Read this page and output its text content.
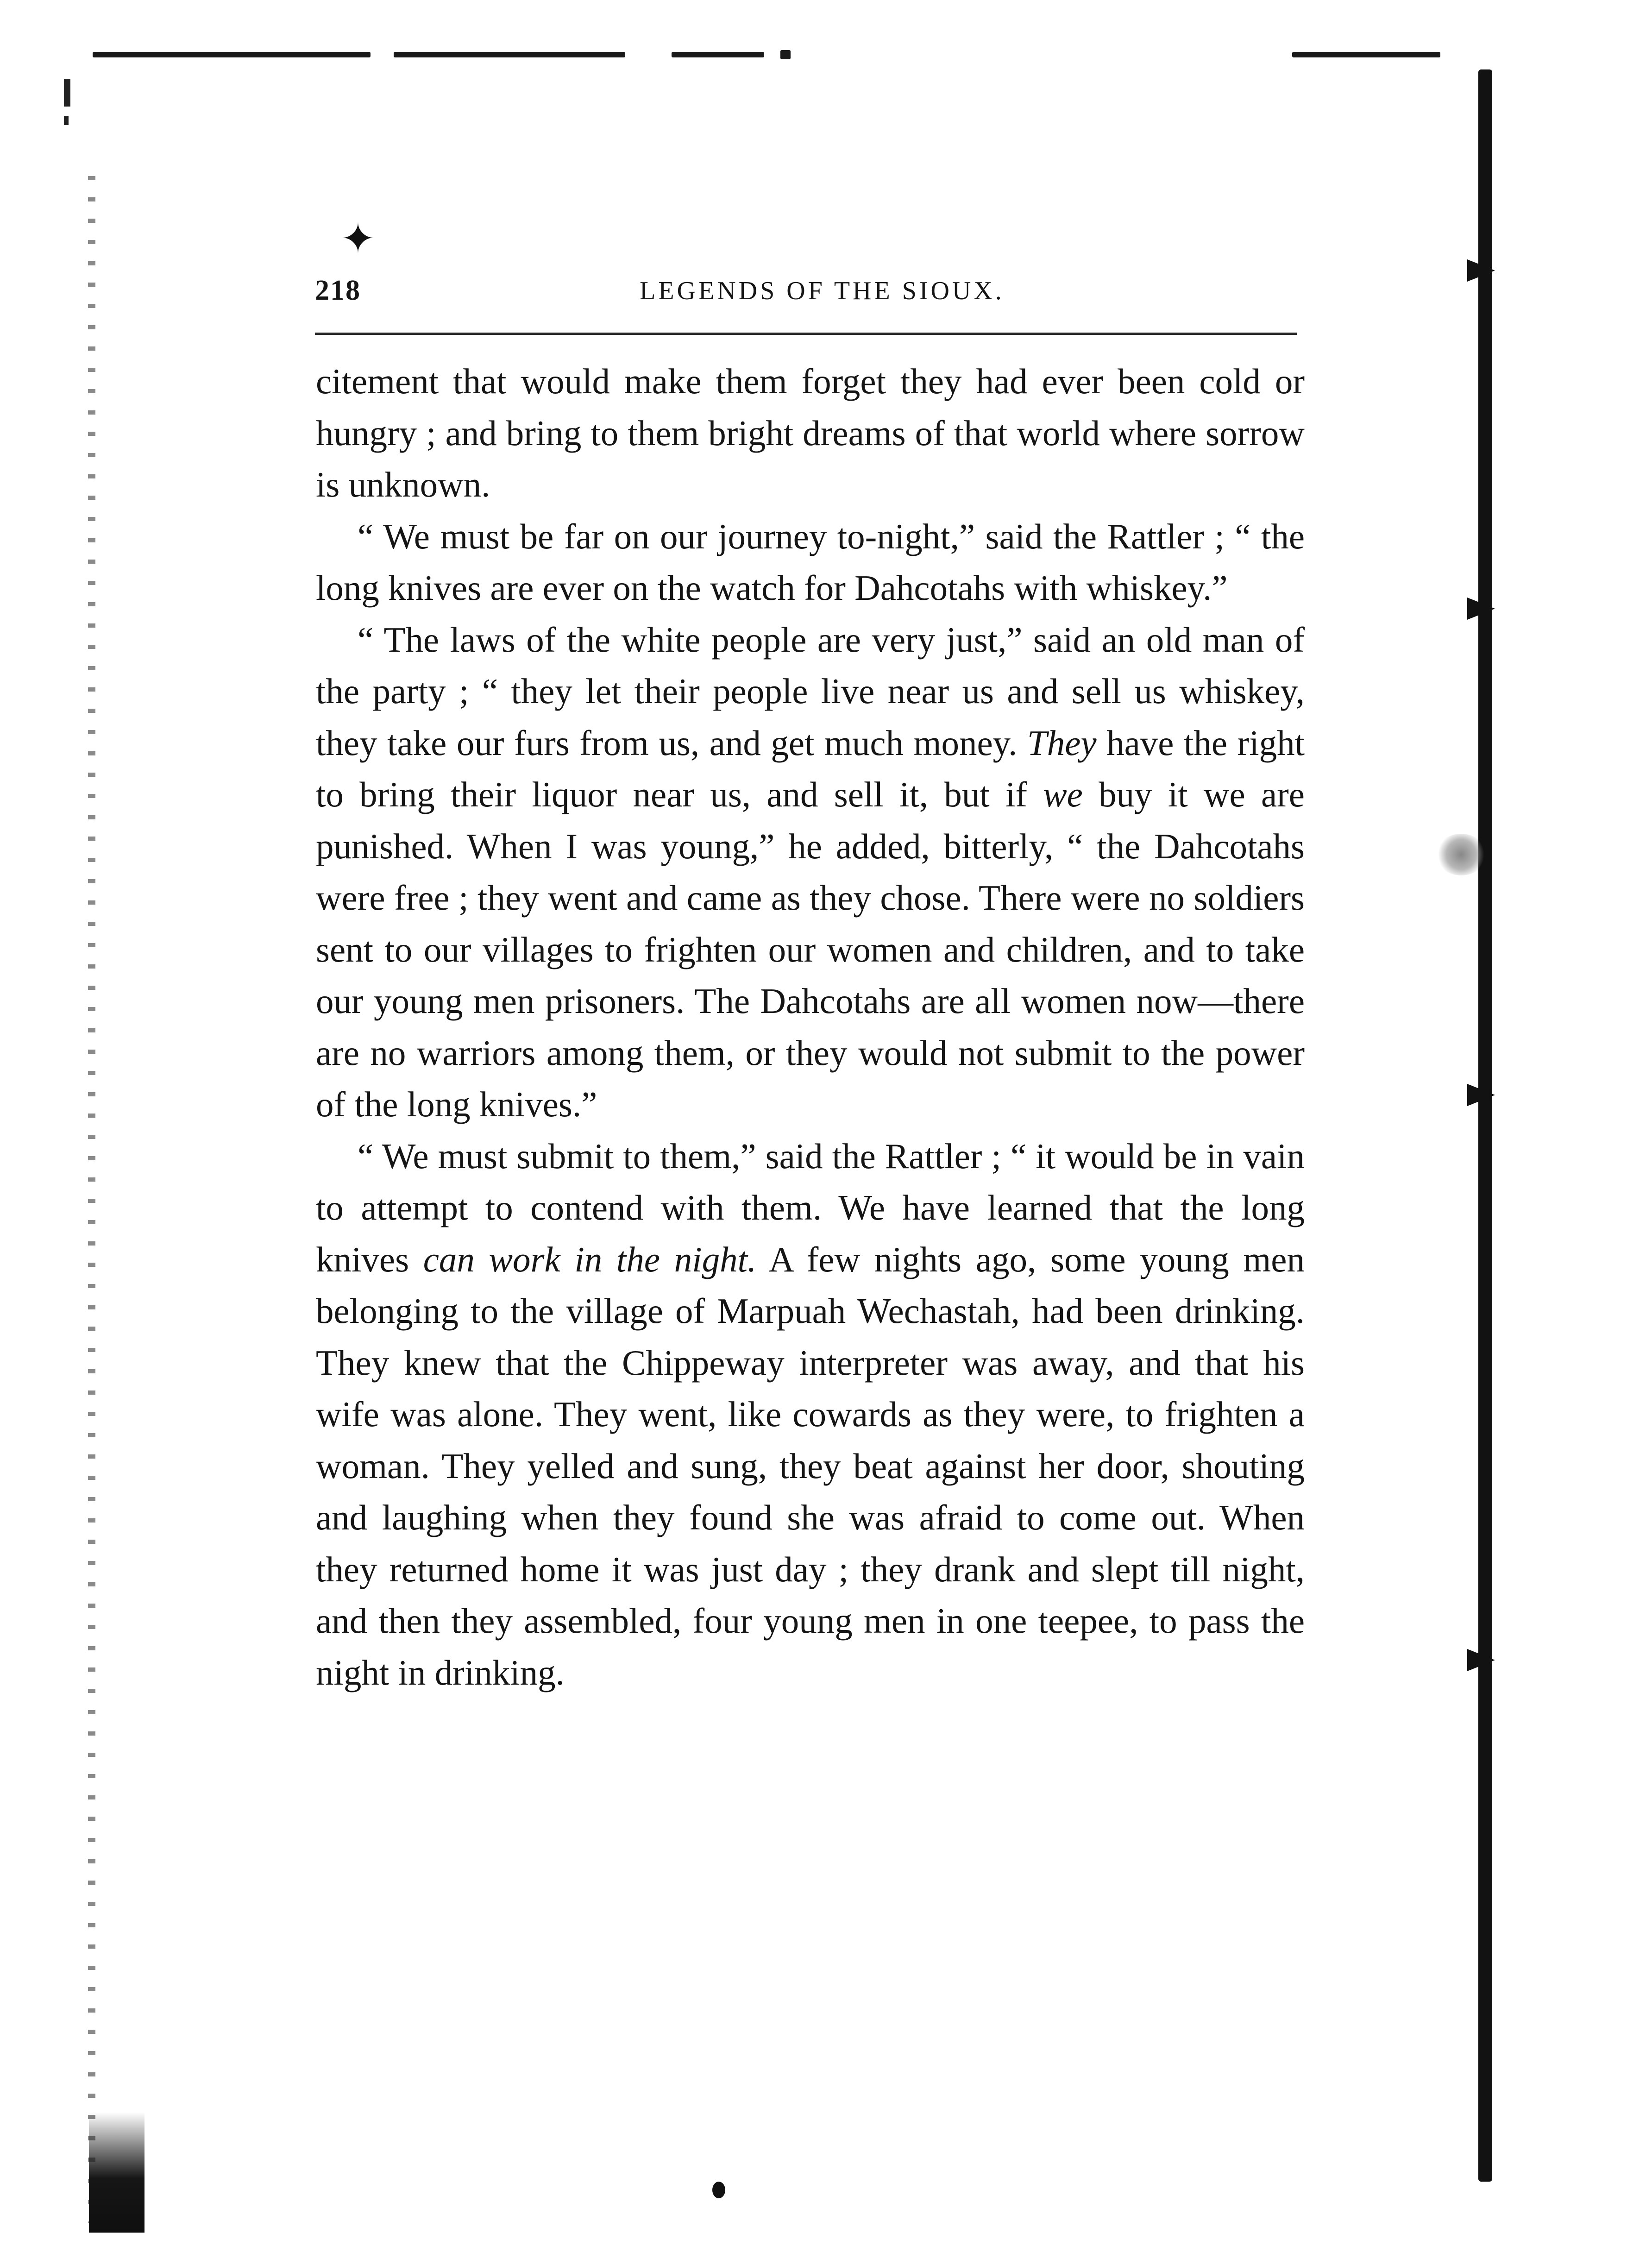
✦
218	LEGENDS OF THE SIOUX.

citement that would make them forget they had ever been cold or hungry ; and bring to them bright dreams of that world where sorrow is unknown.

“ We must be far on our journey to-night,” said the Rattler ; “ the long knives are ever on the watch for Dahcotahs with whiskey.”

“ The laws of the white people are very just,” said an old man of the party ; “ they let their people live near us and sell us whiskey, they take our furs from us, and get much money. They have the right to bring their liquor near us, and sell it, but if we buy it we are punished. When I was young,” he added, bitterly, “ the Dahcotahs were free ; they went and came as they chose. There were no soldiers sent to our villages to frighten our women and children, and to take our young men prisoners. The Dahcotahs are all women now—there are no warriors among them, or they would not submit to the power of the long knives.”

“ We must submit to them,” said the Rattler ; “ it would be in vain to attempt to contend with them. We have learned that the long knives can work in the night. A few nights ago, some young men belonging to the village of Marpuah Wechastah, had been drinking. They knew that the Chippeway interpreter was away, and that his wife was alone. They went, like cowards as they were, to frighten a woman. They yelled and sung, they beat against her door, shouting and laughing when they found she was afraid to come out. When they returned home it was just day ; they drank and slept till night, and then they assembled, four young men in one teepee, to pass the night in drinking.
